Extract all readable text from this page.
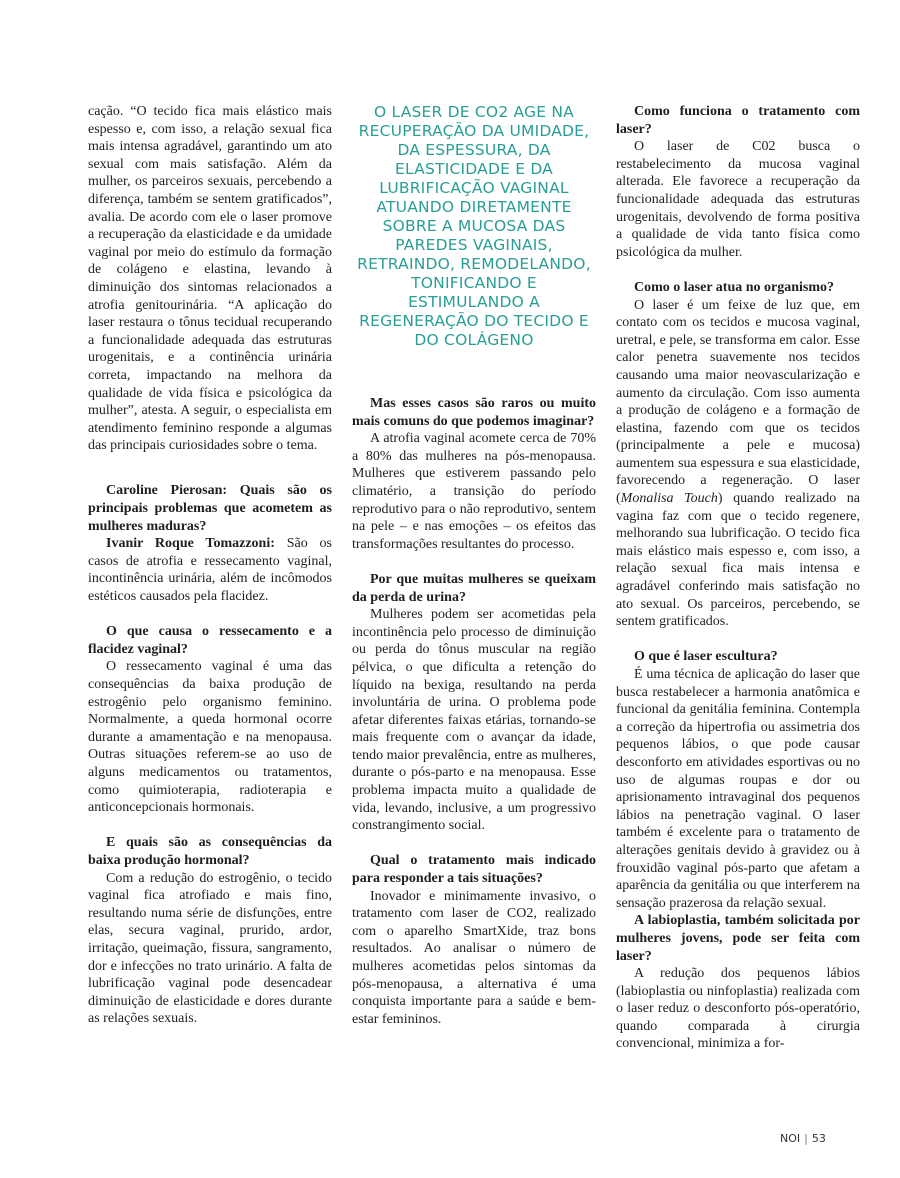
cação. “O tecido fica mais elástico mais espesso e, com isso, a relação sexual fica mais intensa agradável, garantindo um ato sexual com mais satisfação. Além da mulher, os parceiros sexuais, percebendo a diferença, também se sentem gratificados”, avalia. De acordo com ele o laser promove a recuperação da elasticidade e da umidade vaginal por meio do estímulo da formação de colágeno e elastina, levando à diminuição dos sintomas relacionados a atrofia genitourinária. “A aplicação do laser restaura o tônus tecidual recuperando a funcionalidade adequada das estruturas urogenitais, e a continência urinária correta, impactando na melhora da qualidade de vida física e psicológica da mulher”, atesta. A seguir, o especialista em atendimento feminino responde a algumas das principais curiosidades sobre o tema.

Caroline Pierosan: Quais são os principais problemas que acometem as mulheres maduras?

Ivanir Roque Tomazzoni: São os casos de atrofia e ressecamento vaginal, incontinência urinária, além de incômodos estéticos causados pela flacidez.

O que causa o ressecamento e a flacidez vaginal?

O ressecamento vaginal é uma das consequências da baixa produção de estrogênio pelo organismo feminino. Normalmente, a queda hormonal ocorre durante a amamentação e na menopausa. Outras situações referem-se ao uso de alguns medicamentos ou tratamentos, como quimioterapia, radioterapia e anticoncepcionais hormonais.

E quais são as consequências da baixa produção hormonal?

Com a redução do estrogênio, o tecido vaginal fica atrofiado e mais fino, resultando numa série de disfunções, entre elas, secura vaginal, prurido, ardor, irritação, queimação, fissura, sangramento, dor e infecções no trato urinário. A falta de lubrificação vaginal pode desencadear diminuição de elasticidade e dores durante as relações sexuais.

O LASER DE CO2 AGE NA RECUPERAÇÃO DA UMIDADE, DA ESPESSURA, DA ELASTICIDADE E DA LUBRIFICAÇÃO VAGINAL ATUANDO DIRETAMENTE SOBRE A MUCOSA DAS PAREDES VAGINAIS, RETRAINDO, REMODELANDO, TONIFICANDO E ESTIMULANDO A REGENERAÇÃO DO TECIDO E DO COLÁGENO
Mas esses casos são raros ou muito mais comuns do que podemos imaginar?

A atrofia vaginal acomete cerca de 70% a 80% das mulheres na pós-menopausa. Mulheres que estiverem passando pelo climatério, a transição do período reprodutivo para o não reprodutivo, sentem na pele – e nas emoções – os efeitos das transformações resultantes do processo.

Por que muitas mulheres se queixam da perda de urina?

Mulheres podem ser acometidas pela incontinência pelo processo de diminuição ou perda do tônus muscular na região pélvica, o que dificulta a retenção do líquido na bexiga, resultando na perda involuntária de urina. O problema pode afetar diferentes faixas etárias, tornando-se mais frequente com o avançar da idade, tendo maior prevalência, entre as mulheres, durante o pós-parto e na menopausa. Esse problema impacta muito a qualidade de vida, levando, inclusive, a um progressivo constrangimento social.

Qual o tratamento mais indicado para responder a tais situações?

Inovador e minimamente invasivo, o tratamento com laser de CO2, realizado com o aparelho SmartXide, traz bons resultados. Ao analisar o número de mulheres acometidas pelos sintomas da pós-menopausa, a alternativa é uma conquista importante para a saúde e bem-estar femininos.

Como funciona o tratamento com laser?

O laser de C02 busca o restabelecimento da mucosa vaginal alterada. Ele favorece a recuperação da funcionalidade adequada das estruturas urogenitais, devolvendo de forma positiva a qualidade de vida tanto física como psicológica da mulher.

Como o laser atua no organismo?

O laser é um feixe de luz que, em contato com os tecidos e mucosa vaginal, uretral, e pele, se transforma em calor. Esse calor penetra suavemente nos tecidos causando uma maior neovascularização e aumento da circulação. Com isso aumenta a produção de colágeno e a formação de elastina, fazendo com que os tecidos (principalmente a pele e mucosa) aumentem sua espessura e sua elasticidade, favorecendo a regeneração. O laser (Monalisa Touch) quando realizado na vagina faz com que o tecido regenere, melhorando sua lubrificação. O tecido fica mais elástico mais espesso e, com isso, a relação sexual fica mais intensa e agradável conferindo mais satisfação no ato sexual. Os parceiros, percebendo, se sentem gratificados.

O que é laser escultura?

É uma técnica de aplicação do laser que busca restabelecer a harmonia anatômica e funcional da genitália feminina. Contempla a correção da hipertrofia ou assimetria dos pequenos lábios, o que pode causar desconforto em atividades esportivas ou no uso de algumas roupas e dor ou aprisionamento intravaginal dos pequenos lábios na penetração vaginal. O laser também é excelente para o tratamento de alterações genitais devido à gravidez ou à frouxidão vaginal pós-parto que afetam a aparência da genitália ou que interferem na sensação prazerosa da relação sexual.

A labioplastia, também solicitada por mulheres jovens, pode ser feita com laser?

A redução dos pequenos lábios (labioplastia ou ninfoplastia) realizada com o laser reduz o desconforto pós-operatório, quando comparada à cirurgia convencional, minimiza a for-

NOI | 53
